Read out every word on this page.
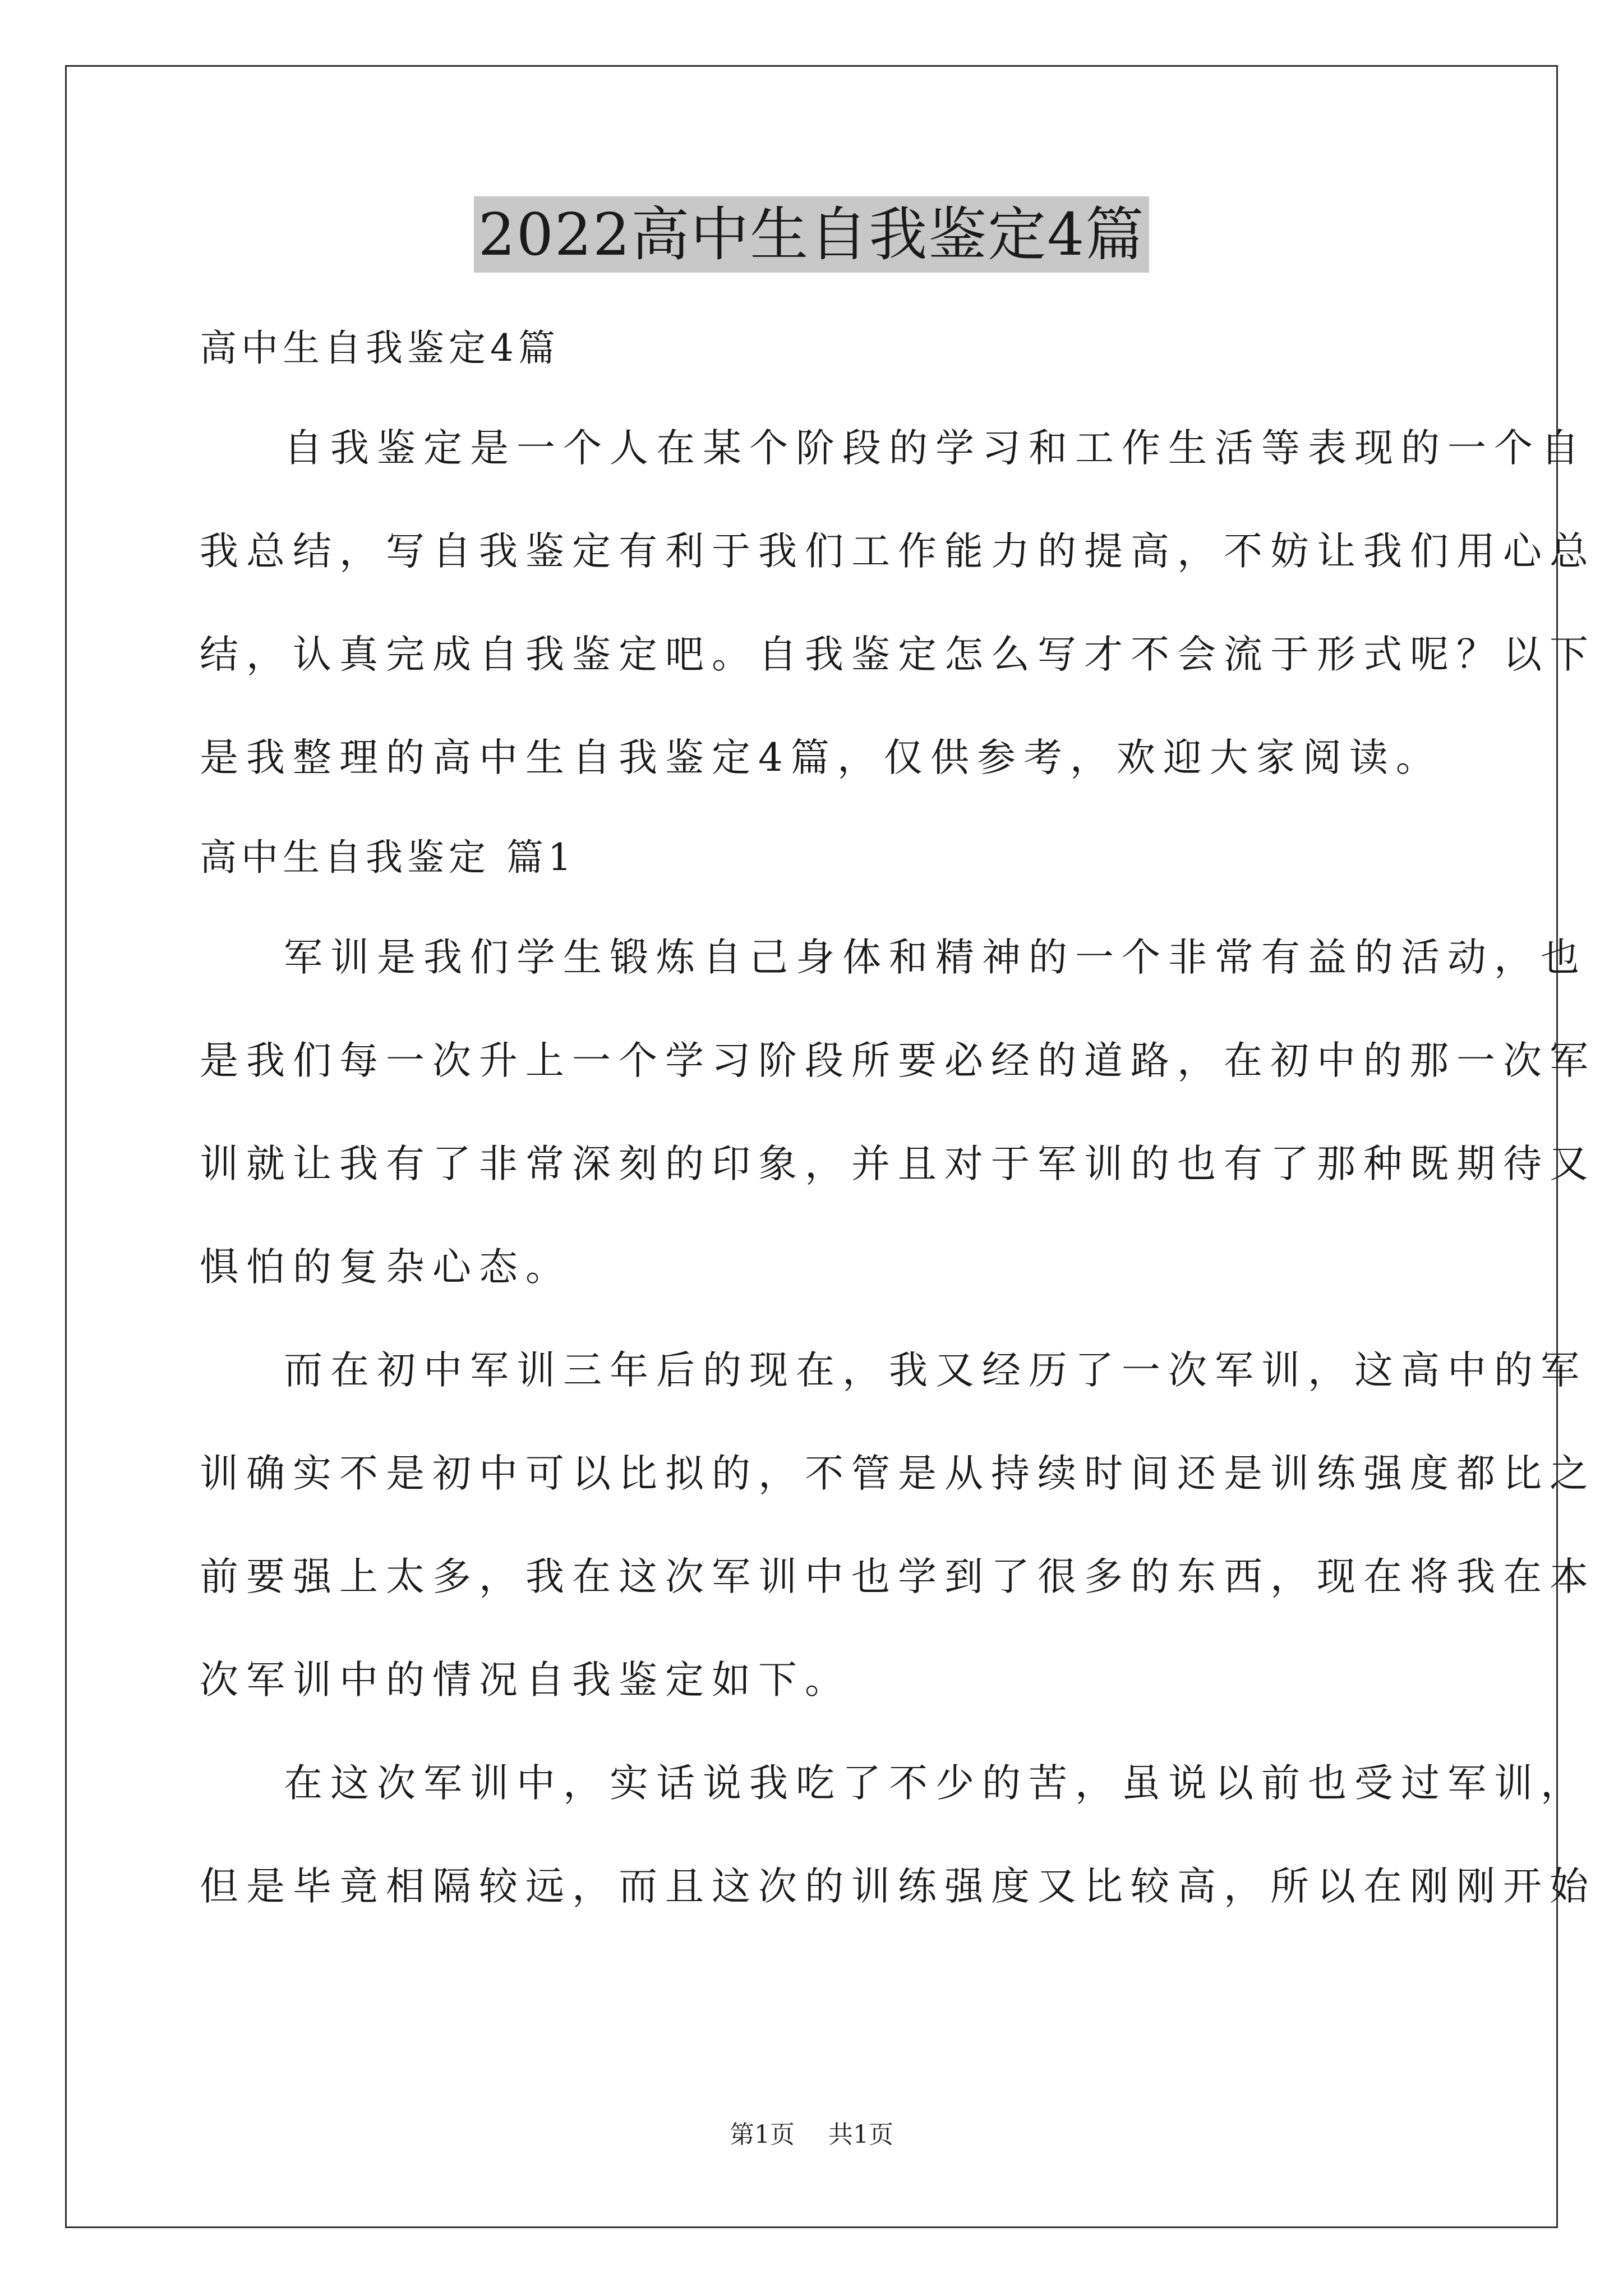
2022高中生自我鉴定4篇
高中生自我鉴定4篇
自我鉴定是一个人在某个阶段的学习和工作生活等表现的一个自
我总结，写自我鉴定有利于我们工作能力的提高，不妨让我们用心总
结，认真完成自我鉴定吧。自我鉴定怎么写才不会流于形式呢？以下
是我整理的高中生自我鉴定4篇，仅供参考，欢迎大家阅读。
高中生自我鉴定 篇1
军训是我们学生锻炼自己身体和精神的一个非常有益的活动，也
是我们每一次升上一个学习阶段所要必经的道路，在初中的那一次军
训就让我有了非常深刻的印象，并且对于军训的也有了那种既期待又
惧怕的复杂心态。
而在初中军训三年后的现在，我又经历了一次军训，这高中的军
训确实不是初中可以比拟的，不管是从持续时间还是训练强度都比之
前要强上太多，我在这次军训中也学到了很多的东西，现在将我在本
次军训中的情况自我鉴定如下。
在这次军训中，实话说我吃了不少的苦，虽说以前也受过军训，
但是毕竟相隔较远，而且这次的训练强度又比较高，所以在刚刚开始
第1页 共1页
